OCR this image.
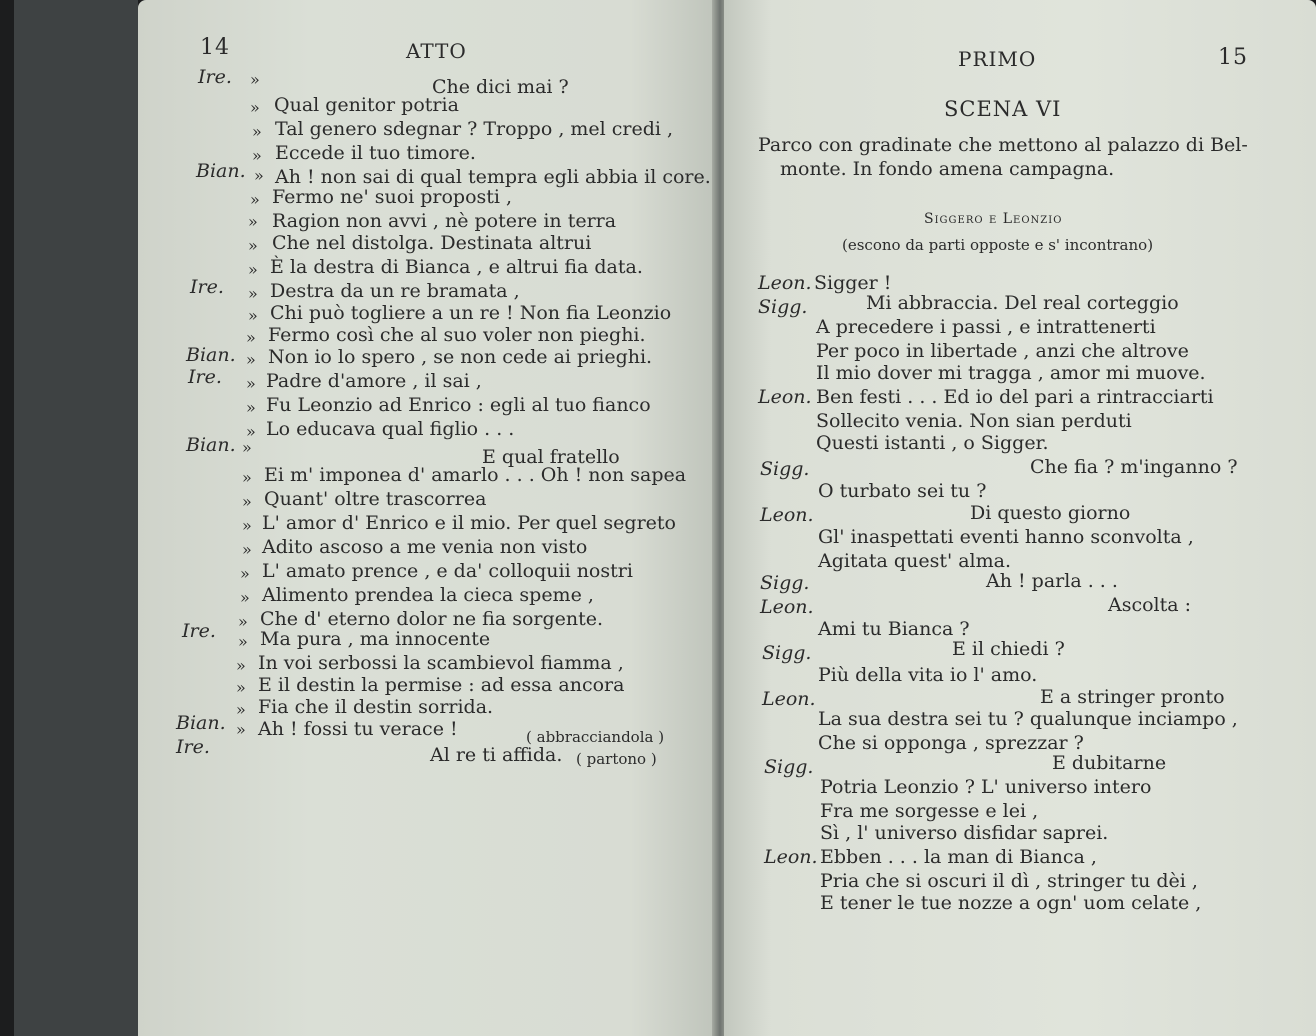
14	ATTO
Ire. »	Che dici mai ?
» Qual genitor potria
» Tal genero sdegnar ? Troppo , mel credi ,
» Eccede il tuo timore.
Bian. » Ah ! non sai di qual tempra egli abbia il core.
» Fermo ne' suoi proposti ,
» Ragion non avvi , nè potere in terra
» Che nel distolga. Destinata altrui
» È la destra di Bianca , e altrui fia data.
Ire. » Destra da un re bramata ,
» Chi può togliere a un re ! Non fia Leonzio
» Fermo così che al suo voler non pieghi.
Bian. » Non io lo spero , se non cede ai prieghi.
Ire. » Padre d'amore , il sai ,
» Fu Leonzio ad Enrico : egli al tuo fianco
» Lo educava qual figlio . . .
Bian. »	E qual fratello
» Ei m' imponea d' amarlo . . . Oh ! non sapea
» Quant' oltre trascorrea
» L' amor d' Enrico e il mio. Per quel segreto
» Adito ascoso a me venia non visto
» L' amato prence , e da' colloquii nostri
» Alimento prendea la cieca speme ,
» Che d' eterno dolor ne fia sorgente.
Ire. » Ma pura , ma innocente
» In voi serbossi la scambievol fiamma ,
» E il destin la permise : ad essa ancora
» Fia che il destin sorrida.
Bian. » Ah ! fossi tu verace !	( abbracciandola )
Ire.	Al re ti affida. ( partono )
PRIMO	15
SCENA VI
Parco con gradinate che mettono al palazzo di Bel-
monte. In fondo amena campagna.
Siggero e Leonzio
(escono da parti opposte e s' incontrano)
Leon. Sigger !
Sigg.	Mi abbraccia. Del real corteggio
A precedere i passi , e intrattenerti
Per poco in libertade , anzi che altrove
Il mio dover mi tragga , amor mi muove.
Leon. Ben festi . . . Ed io del pari a rintracciarti
Sollecito venia. Non sian perduti
Questi istanti , o Sigger.
Sigg.	Che fia ? m'inganno ?
O turbato sei tu ?
Leon.	Di questo giorno
Gl' inaspettati eventi hanno sconvolta ,
Agitata quest' alma.
Sigg.	Ah ! parla . . .
Leon.	Ascolta :
Ami tu Bianca ?
Sigg.	E il chiedi ?
Più della vita io l' amo.
Leon.	E a stringer pronto
La sua destra sei tu ? qualunque inciampo ,
Che si opponga , sprezzar ?
Sigg.	E dubitarne
Potria Leonzio ? L' universo intero
Fra me sorgesse e lei ,
Sì , l' universo disfidar saprei.
Leon. Ebben . . . la man di Bianca ,
Pria che si oscuri il dì , stringer tu dèi ,
E tener le tue nozze a ogn' uom celate ,
